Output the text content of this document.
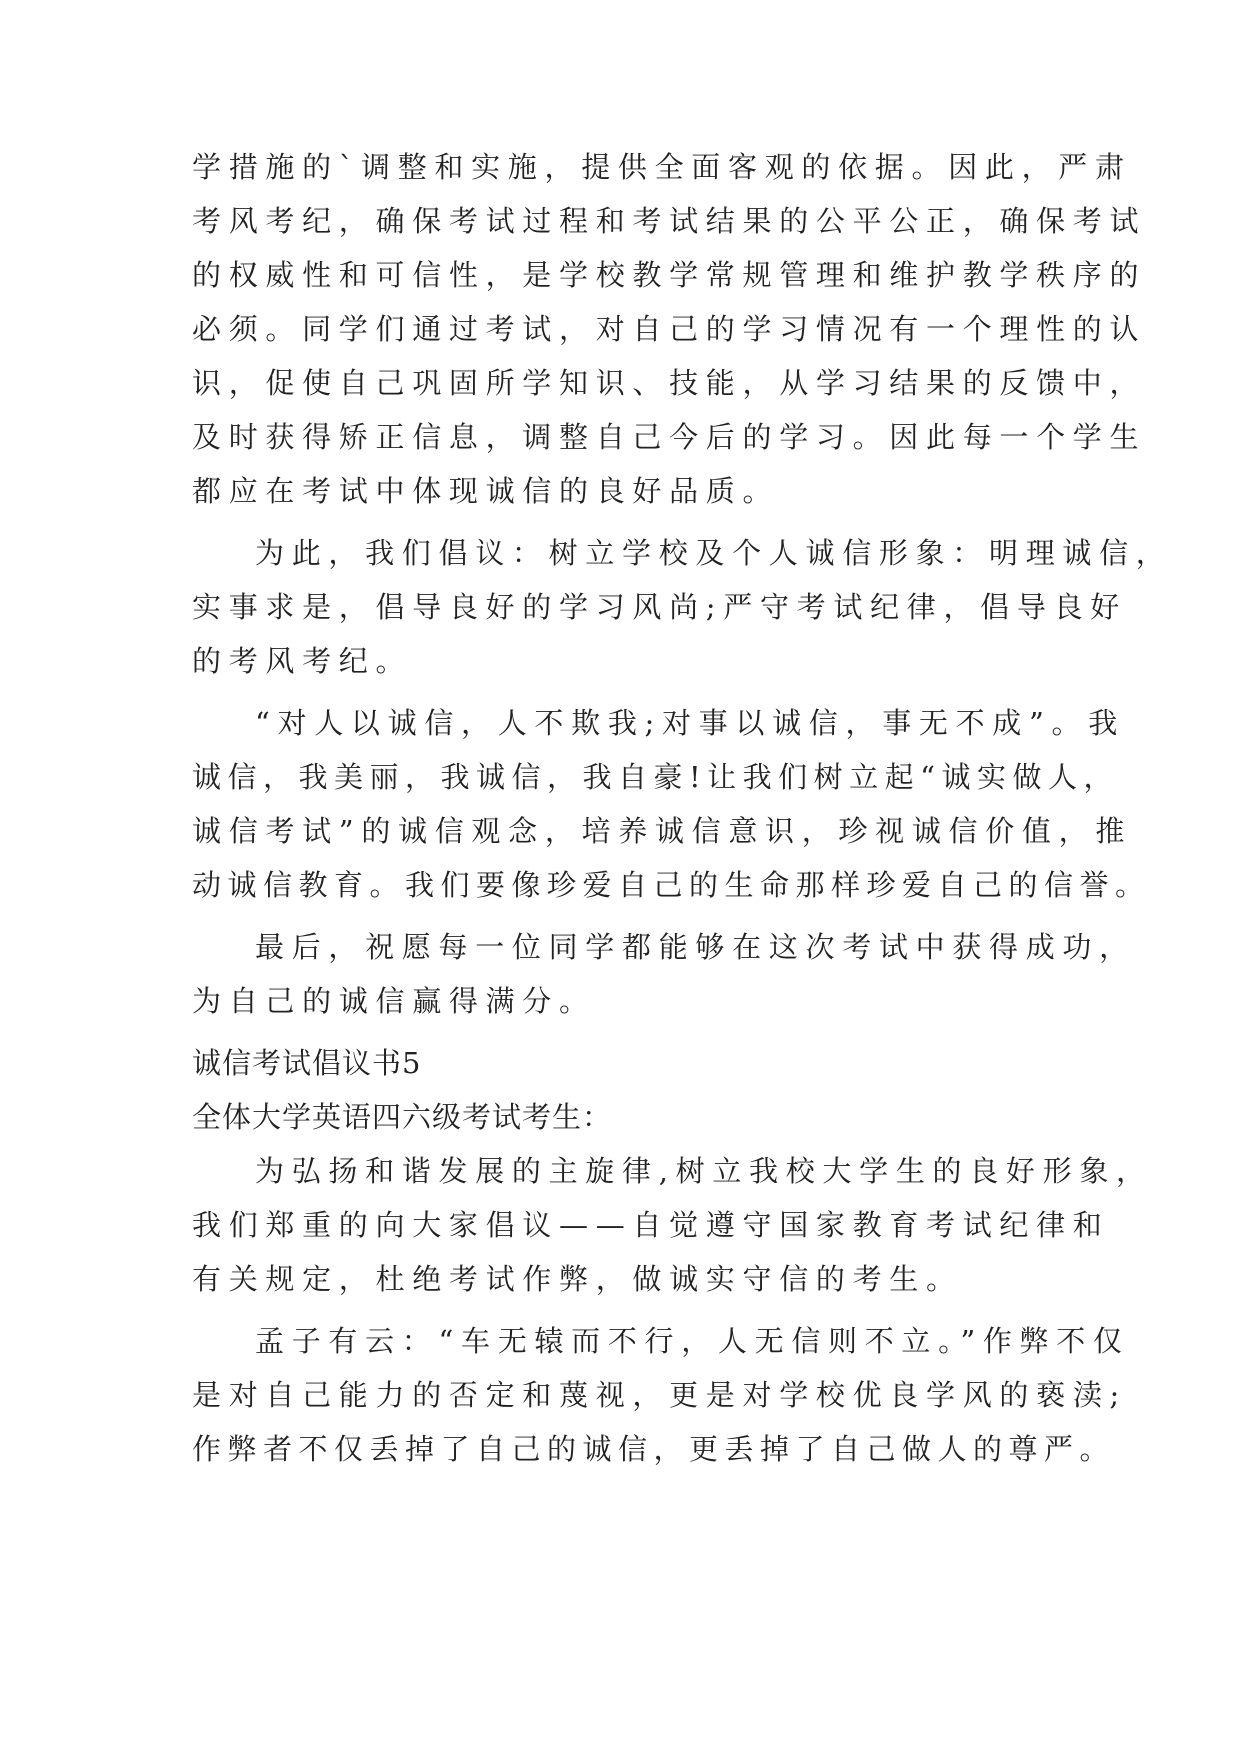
学措施的`调整和实施，提供全面客观的依据。因此，严肃
考风考纪，确保考试过程和考试结果的公平公正，确保考试
的权威性和可信性，是学校教学常规管理和维护教学秩序的
必须。同学们通过考试，对自己的学习情况有一个理性的认
识，促使自己巩固所学知识、技能，从学习结果的反馈中，
及时获得矫正信息，调整自己今后的学习。因此每一个学生
都应在考试中体现诚信的良好品质。
为此，我们倡议：树立学校及个人诚信形象：明理诚信，
实事求是，倡导良好的学习风尚;严守考试纪律，倡导良好
的考风考纪。
“对人以诚信，人不欺我;对事以诚信，事无不成”。我
诚信，我美丽，我诚信，我自豪!让我们树立起“诚实做人，
诚信考试”的诚信观念，培养诚信意识，珍视诚信价值，推
动诚信教育。我们要像珍爱自己的生命那样珍爱自己的信誉。
最后，祝愿每一位同学都能够在这次考试中获得成功，
为自己的诚信赢得满分。
诚信考试倡议书5
全体大学英语四六级考试考生：
为弘扬和谐发展的主旋律,树立我校大学生的良好形象，
我们郑重的向大家倡议——自觉遵守国家教育考试纪律和
有关规定，杜绝考试作弊，做诚实守信的考生。
孟子有云：“车无辕而不行，人无信则不立。”作弊不仅
是对自己能力的否定和蔑视，更是对学校优良学风的亵渎;
作弊者不仅丢掉了自己的诚信，更丢掉了自己做人的尊严。
